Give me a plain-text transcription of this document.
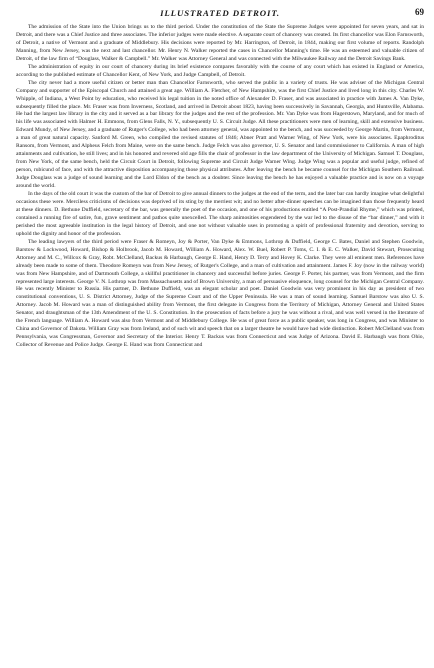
ILLUSTRATED DETROIT.	69

The admission of the State into the Union brings us to the third period. Under the constitution of the State the Supreme Judges were appointed for seven years, and sat in Detroit, and there was a Chief Justice and three associates. The inferior judges were made elective. A separate court of chancery was created. Its first chancellor was Elon Farnsworth, of Detroit, a native of Vermont and a graduate of Middlebury. His decisions were reported by Mr. Harrington, of Detroit, in 1844, making our first volume of reports. Randolph Manning, from New Jersey, was the next and last chancellor. Mr. Henry N. Walker reported the cases in Chancellor Manning's time. He was an esteemed and valuable citizen of Detroit, of the law firm of “Douglass, Walker & Campbell.” Mr. Walker was Attorney General and was connected with the Milwaukee Railway and the Detroit Savings Bank.

The administration of equity in our court of chancery during its brief existence compares favorably with the course of any court which has existed in England or America, according to the published estimate of Chancellor Kent, of New York, and Judge Campbell, of Detroit.

The city never had a more useful citizen or better man than Chancellor Farnsworth, who served the public in a variety of trusts. He was adviser of the Michigan Central Company and supporter of the Episcopal Church and attained a great age. William A. Fletcher, of New Hampshire, was the first Chief Justice and lived long in this city. Charles W. Whipple, of Indiana, a West Point by education, who received his legal tuition in the noted office of Alexander D. Fraser, and was associated in practice with James A. Van Dyke, subsequently filled the place. Mr. Fraser was from Inverness, Scotland, and arrived in Detroit about 1823, having been successively in Savannah, Georgia, and Huntsville, Alabama. He had the largest law library in the city and it served as a bar library for the judges and the rest of the profession. Mr. Van Dyke was from Hagerstown, Maryland, and for much of his life was associated with Halmer H. Emmons, from Glens Falls, N. Y., subsequently U. S. Circuit Judge. All these practitioners were men of learning, skill and extensive business. Edward Mundy, of New Jersey, and a graduate of Rutger's College, who had been attorney general, was appointed to the bench, and was succeeded by George Martin, from Vermont, a man of great natural capacity. Sanford M. Green, who compiled the revised statutes of 1846; Abner Pratt and Warner Wing, of New York, were his associates. Epaphroditus Ransom, from Vermont, and Alpheus Felch from Maine, were on the same bench. Judge Felch was also governor, U. S. Senator and land commissioner to California. A man of high attainments and cultivation, he still lives; and in his honored and revered old age fills the chair of professor in the law department of the University of Michigan. Samuel T. Douglass, from New York, of the same bench, held the Circuit Court in Detroit, following Supreme and Circuit Judge Warner Wing. Judge Wing was a popular and useful judge, refined of person, rubicund of face, and with the attractive disposition accompanying those physical attributes. After leaving the bench he became counsel for the Michigan Southern Railroad. Judge Douglass was a judge of sound learning and the Lord Eldon of the bench as a doubter. Since leaving the bench he has enjoyed a valuable practice and is now on a voyage around the world.

In the days of the old court it was the custom of the bar of Detroit to give annual dinners to the judges at the end of the term, and the later bar can hardly imagine what delightful occasions these were. Merciless criticisms of decisions was deprived of its sting by the merriest wit; and no better after-dinner speeches can be imagined than those frequently heard at these dinners. D. Bethune Duffield, secretary of the bar, was generally the poet of the occasion, and one of his productions entitled “A Post-Prandial Rhyme,” which was printed, contained a running fire of satire, fun, grave sentiment and pathos quite unexcelled. The sharp animosities engendered by the war led to the disuse of the “bar dinner,” and with it perished the most agreeable institution in the legal history of Detroit, and one not without valuable uses in promoting a spirit of professional fraternity and devotion, serving to uphold the dignity and honor of the profession.

The leading lawyers of the third period were Fraser & Romeyn, Joy & Porter, Van Dyke & Emmons, Lothrop & Duffield, George C. Bates, Daniel and Stephen Goodwin, Barstow & Lockwood, Howard, Bishop & Holbrook, Jacob M. Howard, William A. Howard, Alex. W. Buel, Robert P. Toms, C. I. & E. C. Walker, David Stewart, Prosecuting Attorney and M. C., Willcox & Gray, Robt. McClelland, Backus & Harbaugh, George E. Hand, Henry D. Terry and Hovey K. Clarke. They were all eminent men. References have already been made to some of them. Theodore Romeyn was from New Jersey, of Rutger's College, and a man of cultivation and attainment. James F. Joy (now in the railway world) was from New Hampshire, and of Dartmouth College, a skillful practitioner in chancery and successful before juries. George F. Porter, his partner, was from Vermont, and the firm represented large interests. George V. N. Lothrop was from Massachusetts and of Brown University, a man of persuasive eloquence, long counsel for the Michigan Central Company. He was recently Minister to Russia. His partner, D. Bethune Duffield, was an elegant scholar and poet. Daniel Goodwin was very prominent in his day as president of two constitutional conventions, U. S. District Attorney, Judge of the Supreme Court and of the Upper Peninsula. He was a man of sound learning. Samuel Barstow was also U. S. Attorney. Jacob M. Howard was a man of distinguished ability from Vermont, the first delegate in Congress from the Territory of Michigan, Attorney General and United States Senator, and draughtsman of the 13th Amendment of the U. S. Constitution. In the prosecution of facts before a jury he was without a rival, and was well versed in the literature of the French language. William A. Howard was also from Vermont and of Middlebury College. He was of great force as a public speaker, was long in Congress, and was Minister to China and Governor of Dakota. William Gray was from Ireland, and of such wit and speech that on a larger theatre he would have had wide distinction. Robert McClelland was from Pennsylvania, was Congressman, Governor and Secretary of the Interior. Henry T. Backus was from Connecticut and was Judge of Arizona. David E. Harbaugh was from Ohio, Collector of Revenue and Police Judge. George E. Hand was from Connecticut and
